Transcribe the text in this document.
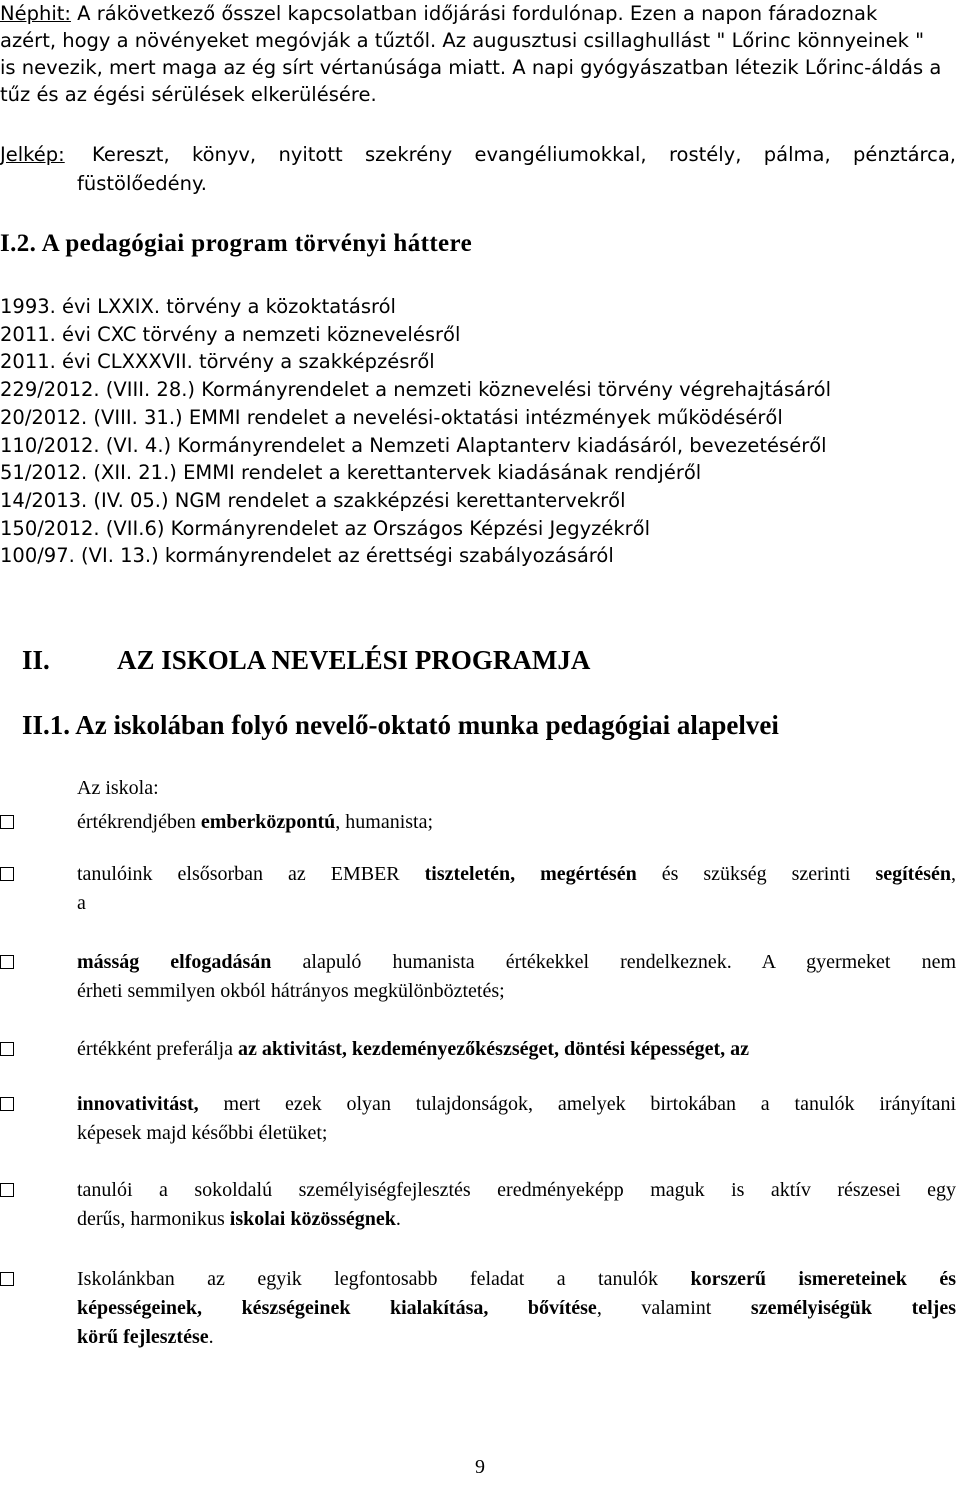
Néphit: A rákövetkező ősszel kapcsolatban időjárási fordulónap. Ezen a napon fáradoznak
azért, hogy a növényeket megóvják a tűztől. Az augusztusi csillaghullást " Lőrinc könnyeinek "
is nevezik, mert maga az ég sírt vértanúsága miatt. A napi gyógyászatban létezik Lőrinc-áldás a
tűz és az égési sérülések elkerülésére.
Jelkép:	Kereszt, könyv, nyitott szekrény evangéliumokkal, rostély, pálma, pénztárca,
füstölőedény.
I.2. A pedagógiai program törvényi háttere
1993. évi LXXIX. törvény a közoktatásról
2011. évi CXC törvény a nemzeti köznevelésről
2011. évi CLXXXVII. törvény a szakképzésről
229/2012. (VIII. 28.) Kormányrendelet a nemzeti köznevelési törvény végrehajtásáról
20/2012. (VIII. 31.) EMMI rendelet a nevelési-oktatási intézmények működéséről
110/2012. (VI. 4.) Kormányrendelet a Nemzeti Alaptanterv kiadásáról, bevezetéséről
51/2012. (XII. 21.) EMMI rendelet a kerettantervek kiadásának rendjéről
14/2013. (IV. 05.) NGM rendelet a szakképzési kerettantervekről
150/2012. (VII.6) Kormányrendelet az Országos Képzési Jegyzékről
100/97. (VI. 13.) kormányrendelet az érettségi szabályozásáról
II. AZ ISKOLA NEVELÉSI PROGRAMJA
II.1. Az iskolában folyó nevelő-oktató munka pedagógiai alapelvei
Az iskola:
értékrendjében emberközpontú, humanista;
tanulóink elsősorban az EMBER tiszteletén, megértésén és szükség szerinti segítésén,
a
másság elfogadásán alapuló humanista értékekkel rendelkeznek. A gyermeket nem
érheti semmilyen okból hátrányos megkülönböztetés;
értékként preferálja az aktivitást, kezdeményezőkészséget, döntési képességet, az
innovativitást, mert ezek olyan tulajdonságok, amelyek birtokában a tanulók irányítani
képesek majd későbbi életüket;
tanulói a sokoldalú személyiségfejlesztés eredményeképp maguk is aktív részesei egy
derűs, harmonikus iskolai közösségnek.
Iskolánkban az egyik legfontosabb feladat a tanulók korszerű ismereteinek és
képességeinek, készségeinek kialakítása, bővítése, valamint személyiségük teljes
körű fejlesztése.
9
